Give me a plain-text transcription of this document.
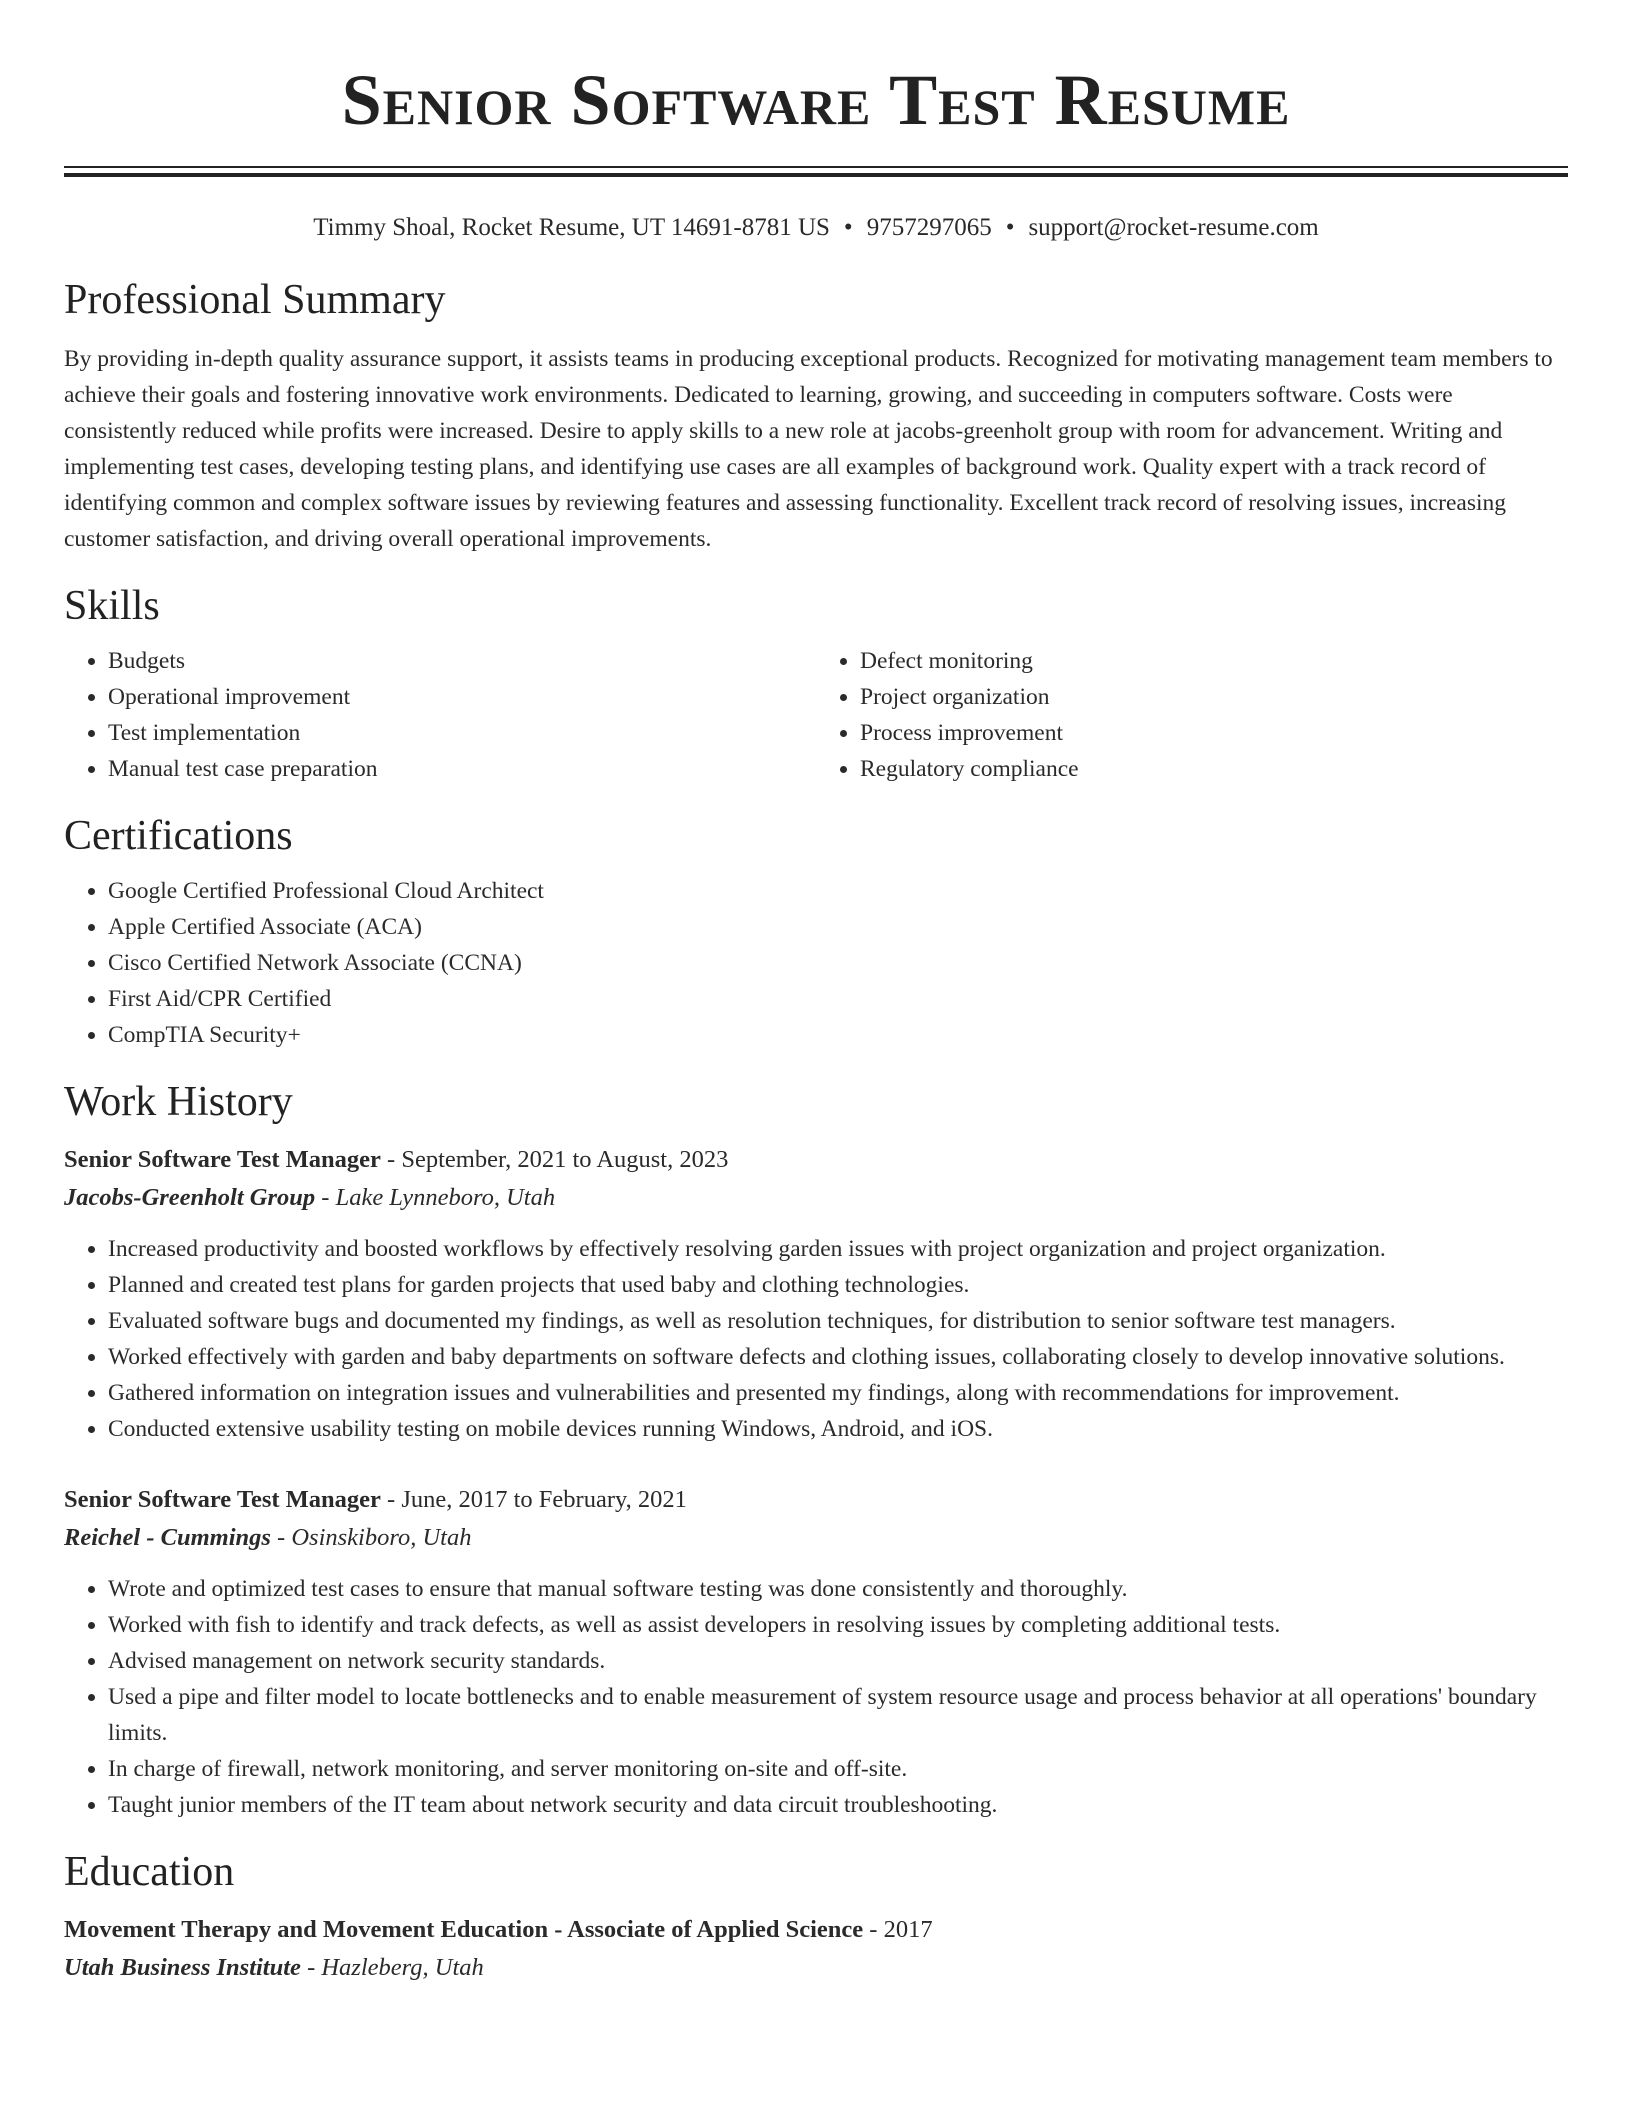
Senior Software Test Resume
Timmy Shoal, Rocket Resume, UT 14691-8781 US • 9757297065 • support@rocket-resume.com
Professional Summary

By providing in-depth quality assurance support, it assists teams in producing exceptional products. Recognized for motivating management team members to achieve their goals and fostering innovative work environments. Dedicated to learning, growing, and succeeding in computers software. Costs were consistently reduced while profits were increased. Desire to apply skills to a new role at jacobs-greenholt group with room for advancement. Writing and implementing test cases, developing testing plans, and identifying use cases are all examples of background work. Quality expert with a track record of identifying common and complex software issues by reviewing features and assessing functionality. Excellent track record of resolving issues, increasing customer satisfaction, and driving overall operational improvements.

Skills
• Budgets
• Operational improvement
• Test implementation
• Manual test case preparation
• Defect monitoring
• Project organization
• Process improvement
• Regulatory compliance
Certifications
• Google Certified Professional Cloud Architect
• Apple Certified Associate (ACA)
• Cisco Certified Network Associate (CCNA)
• First Aid/CPR Certified
• CompTIA Security+
Work History
Senior Software Test Manager - September, 2021 to August, 2023
Jacobs-Greenholt Group - Lake Lynneboro, Utah
• Increased productivity and boosted workflows by effectively resolving garden issues with project organization and project organization.
• Planned and created test plans for garden projects that used baby and clothing technologies.
• Evaluated software bugs and documented my findings, as well as resolution techniques, for distribution to senior software test managers.
• Worked effectively with garden and baby departments on software defects and clothing issues, collaborating closely to develop innovative solutions.
• Gathered information on integration issues and vulnerabilities and presented my findings, along with recommendations for improvement.
• Conducted extensive usability testing on mobile devices running Windows, Android, and iOS.
Senior Software Test Manager - June, 2017 to February, 2021
Reichel - Cummings - Osinskiboro, Utah
• Wrote and optimized test cases to ensure that manual software testing was done consistently and thoroughly.
• Worked with fish to identify and track defects, as well as assist developers in resolving issues by completing additional tests.
• Advised management on network security standards.
• Used a pipe and filter model to locate bottlenecks and to enable measurement of system resource usage and process behavior at all operations' boundary limits.
• In charge of firewall, network monitoring, and server monitoring on-site and off-site.
• Taught junior members of the IT team about network security and data circuit troubleshooting.
Education
Movement Therapy and Movement Education - Associate of Applied Science - 2017
Utah Business Institute - Hazleberg, Utah
